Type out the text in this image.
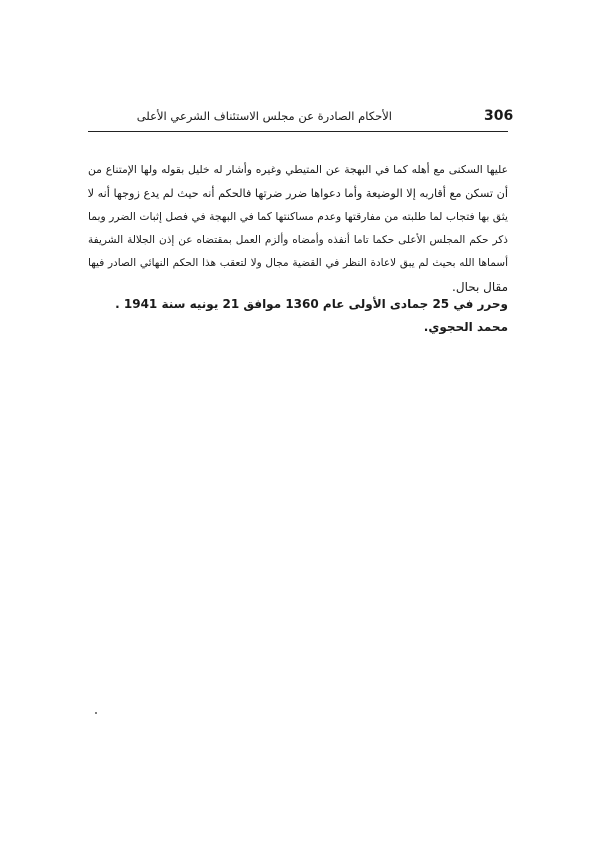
306
الأحكام الصادرة عن مجلس الاستئناف الشرعي الأعلى
عليها السكنى مع أهله كما في البهجة عن المتيطي وغيره وأشار له خليل بقوله ولها الإمتناع من
أن تسكن مع أقاربه إلا الوضيعة وأما دعواها ضرر ضرتها فالحكم أنه حيث لم يدع زوجها أنه لا
يثق بها فتجاب لما طلبته من مفارقتها وعدم مساكنتها كما في البهجة في فصل إثبات الضرر وبما
ذكر حكم المجلس الأعلى حكما تاما أنفذه وأمضاه وألزم العمل بمقتضاه عن إذن الجلالة الشريفة
أسماها الله بحيث لم يبق لاعادة النظر في القضية مجال ولا لتعقب هذا الحكم النهائي الصادر فيها
مقال بحال.
وحرر في 25 جمادى الأولى عام 1360 موافق 21 يونيه سنة 1941 .
محمد الحجوي.
